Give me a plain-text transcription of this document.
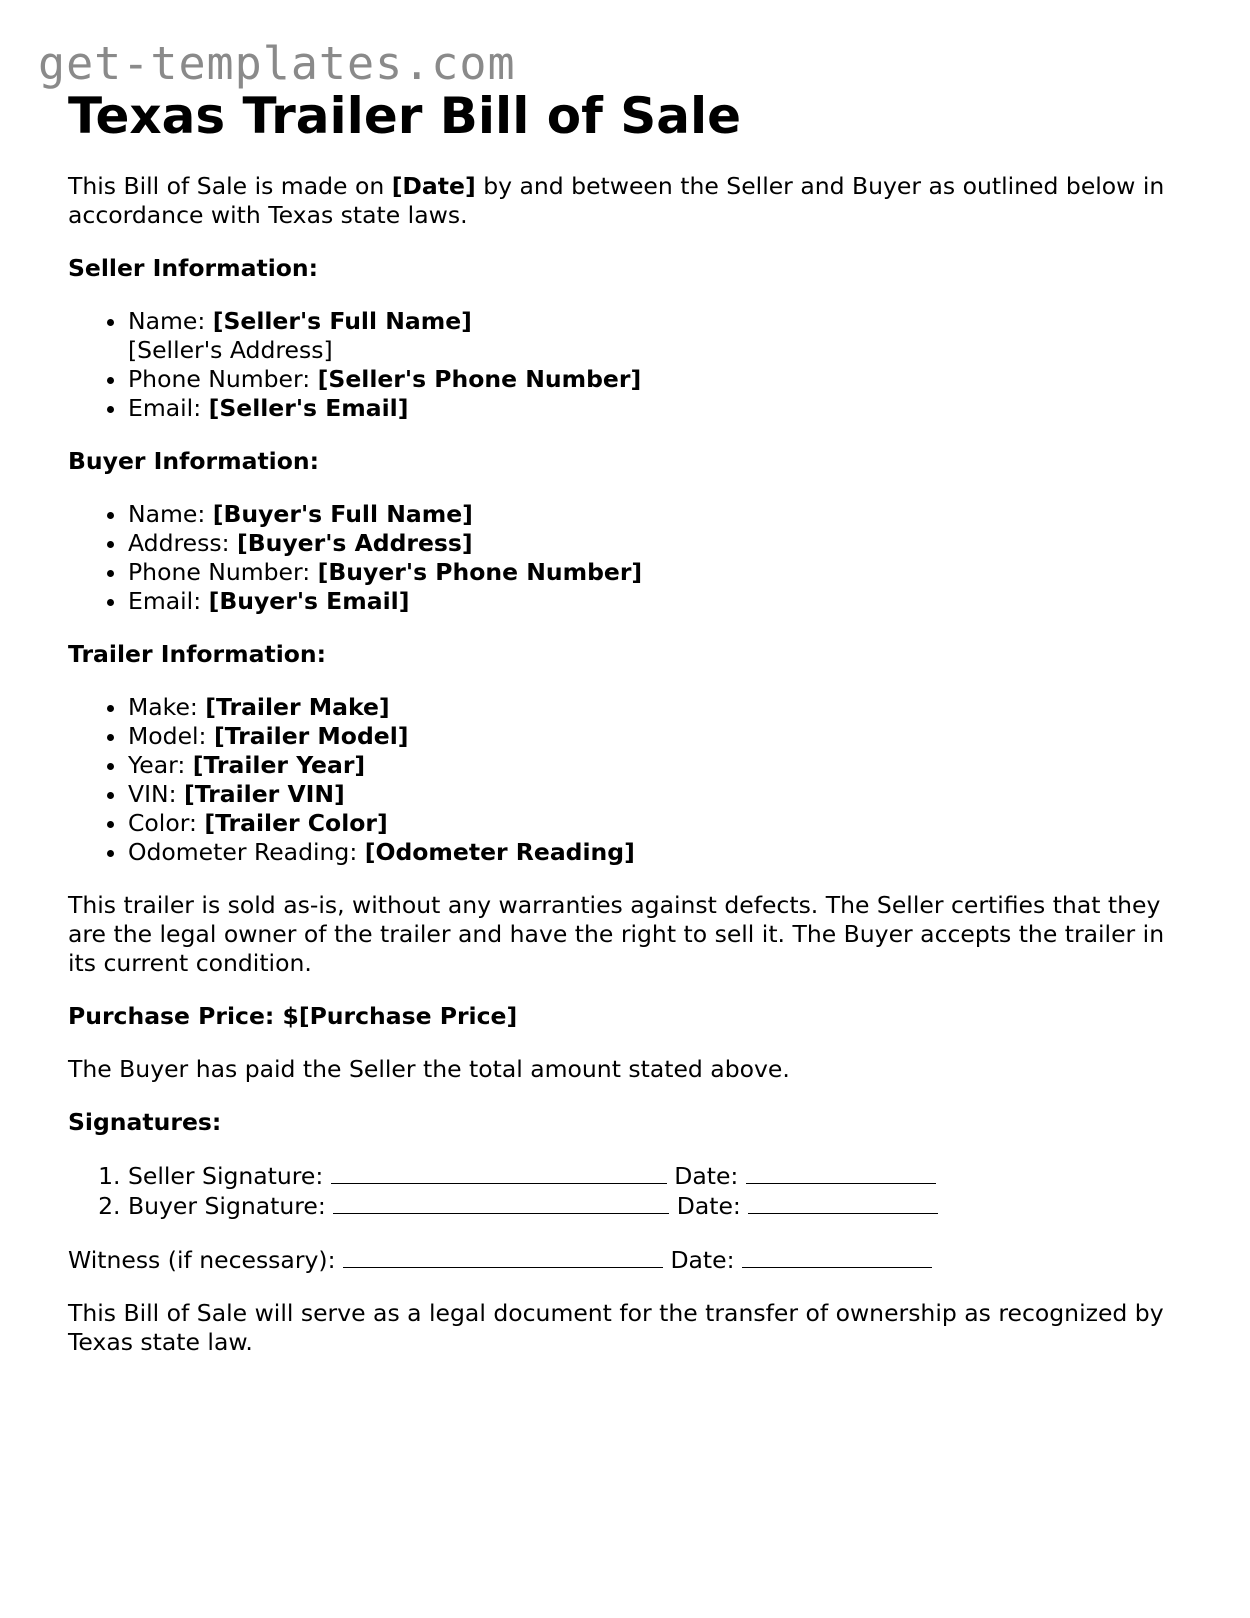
get-templates.com
Texas Trailer Bill of Sale

This Bill of Sale is made on [Date] by and between the Seller and Buyer as outlined below in accordance with Texas state laws.

Seller Information:
• Name: [Seller's Full Name]
[Seller's Address]
• Phone Number: [Seller's Phone Number]
• Email: [Seller's Email]
Buyer Information:
• Name: [Buyer's Full Name]
• Address: [Buyer's Address]
• Phone Number: [Buyer's Phone Number]
• Email: [Buyer's Email]
Trailer Information:
• Make: [Trailer Make]
• Model: [Trailer Model]
• Year: [Trailer Year]
• VIN: [Trailer VIN]
• Color: [Trailer Color]
• Odometer Reading: [Odometer Reading]

This trailer is sold as-is, without any warranties against defects. The Seller certifies that they are the legal owner of the trailer and have the right to sell it. The Buyer accepts the trailer in its current condition.

Purchase Price: $[Purchase Price]

The Buyer has paid the Seller the total amount stated above.

Signatures:
1. Seller Signature:	Date:
2. Buyer Signature:	Date:

Witness (if necessary):	Date:

This Bill of Sale will serve as a legal document for the transfer of ownership as recognized by Texas state law.
